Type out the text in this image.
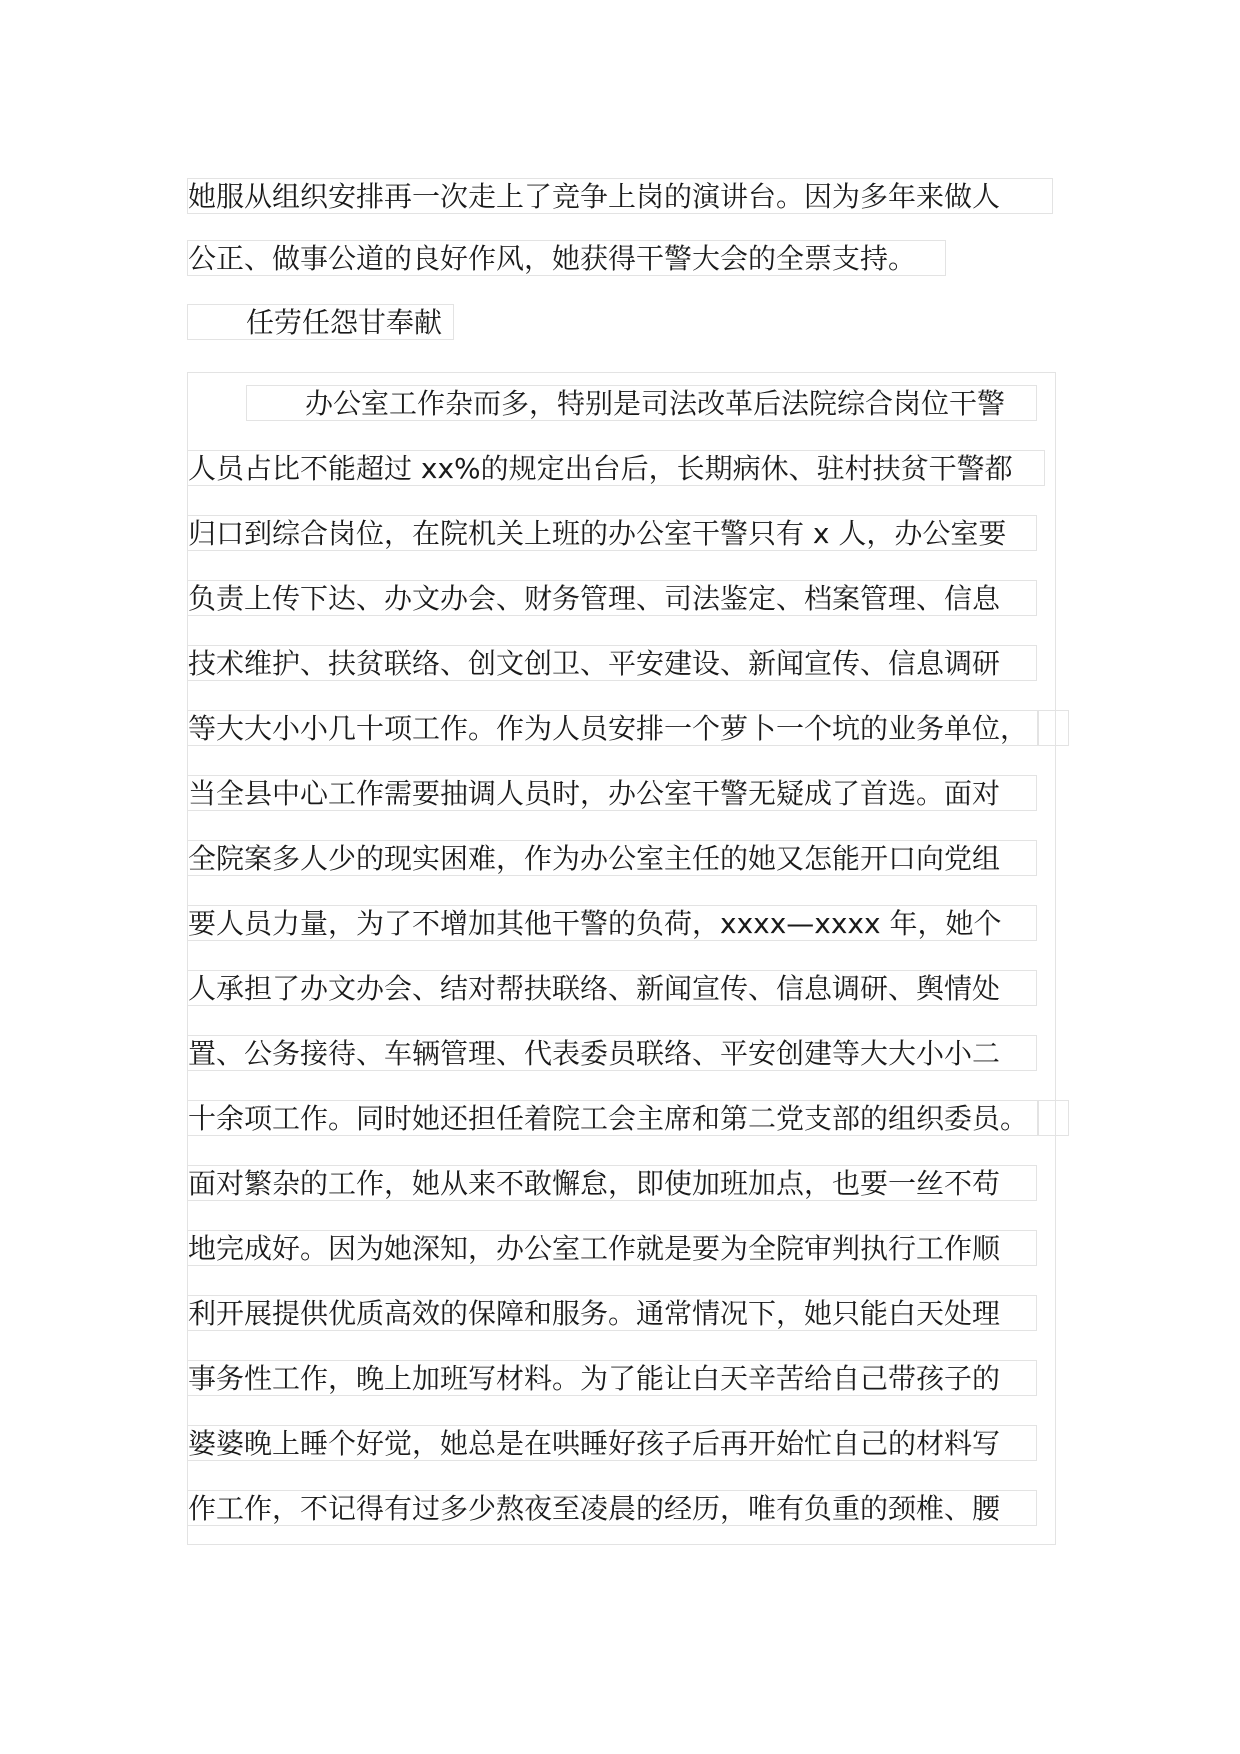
她服从组织安排再一次走上了竞争上岗的演讲台。因为多年来做人
公正、做事公道的良好作风，她获得干警大会的全票支持。
任劳任怨甘奉献
办公室工作杂而多，特别是司法改革后法院综合岗位干警
人员占比不能超过 xx%的规定出台后，长期病休、驻村扶贫干警都
归口到综合岗位，在院机关上班的办公室干警只有 x 人，办公室要
负责上传下达、办文办会、财务管理、司法鉴定、档案管理、信息
技术维护、扶贫联络、创文创卫、平安建设、新闻宣传、信息调研
等大大小小几十项工作。作为人员安排一个萝卜一个坑的业务单位，
当全县中心工作需要抽调人员时，办公室干警无疑成了首选。面对
全院案多人少的现实困难，作为办公室主任的她又怎能开口向党组
要人员力量，为了不增加其他干警的负荷，xxxx—xxxx 年，她个
人承担了办文办会、结对帮扶联络、新闻宣传、信息调研、舆情处
置、公务接待、车辆管理、代表委员联络、平安创建等大大小小二
十余项工作。同时她还担任着院工会主席和第二党支部的组织委员。
面对繁杂的工作，她从来不敢懈怠，即使加班加点，也要一丝不苟
地完成好。因为她深知，办公室工作就是要为全院审判执行工作顺
利开展提供优质高效的保障和服务。通常情况下，她只能白天处理
事务性工作，晚上加班写材料。为了能让白天辛苦给自己带孩子的
婆婆晚上睡个好觉，她总是在哄睡好孩子后再开始忙自己的材料写
作工作，不记得有过多少熬夜至凌晨的经历，唯有负重的颈椎、腰
